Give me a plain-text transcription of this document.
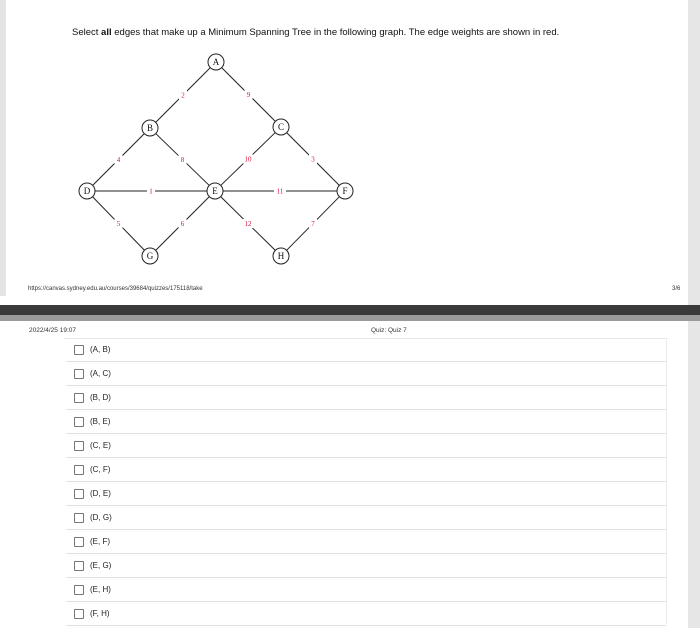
Select all edges that make up a Minimum Spanning Tree in the following graph. The edge weights are shown in red.
2	9
4	8	10	3
1	11
5	6	12	7
A
B	C
D	E	F
G	H
https://canvas.sydney.edu.au/courses/39684/quizzes/175118/take	3/6
2022/4/25 19:07	Quiz: Quiz 7
(A, B)
(A, C)
(B, D)
(B, E)
(C, E)
(C, F)
(D, E)
(D, G)
(E, F)
(E, G)
(E, H)
(F, H)
